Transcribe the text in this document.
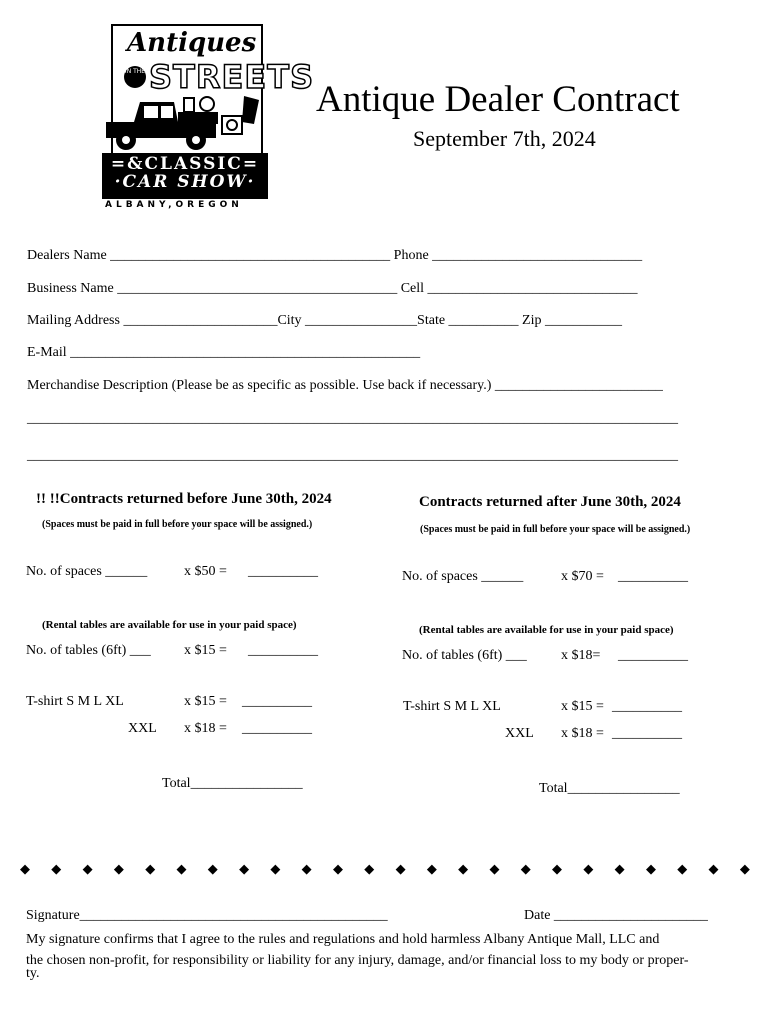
Antiques
IN THE STREETS
=&CLASSIC=
·CAR SHOW·
ALBANY,OREGON
Antique Dealer Contract
September 7th, 2024
Dealers Name ________________________________________ Phone ______________________________
Business Name ________________________________________ Cell ______________________________
Mailing Address ______________________City ________________State __________ Zip ___________
E-Mail __________________________________________________
Merchandise Description (Please be as specific as possible. Use back if necessary.) ________________________
_____________________________________________________________________________________________
_____________________________________________________________________________________________
!! !!Contracts returned before June 30th, 2024
(Spaces must be paid in full before your space will be assigned.)
No. of spaces ______	x $50 = __________
(Rental tables are available for use in your paid space)
No. of tables (6ft) ___ x $15 = __________
T-shirt S M L XL	x $15 = __________
XXL x $18 = __________
Total________________
Contracts returned after June 30th, 2024
(Spaces must be paid in full before your space will be assigned.)
No. of spaces ______	x $70 = __________
(Rental tables are available for use in your paid space)
No. of tables (6ft) ___ x $18= __________
T-shirt S M L XL	x $15 = __________
XXL x $18 = __________
Total________________
◆ ◆ ◆ ◆ ◆ ◆ ◆ ◆ ◆ ◆ ◆ ◆ ◆ ◆ ◆ ◆ ◆ ◆ ◆ ◆ ◆ ◆ ◆ ◆
Signature____________________________________________	Date ______________________
My signature confirms that I agree to the rules and regulations and hold harmless Albany Antique Mall, LLC and
the chosen non-profit, for responsibility or liability for any injury, damage, and/or financial loss to my body or proper-
ty.
